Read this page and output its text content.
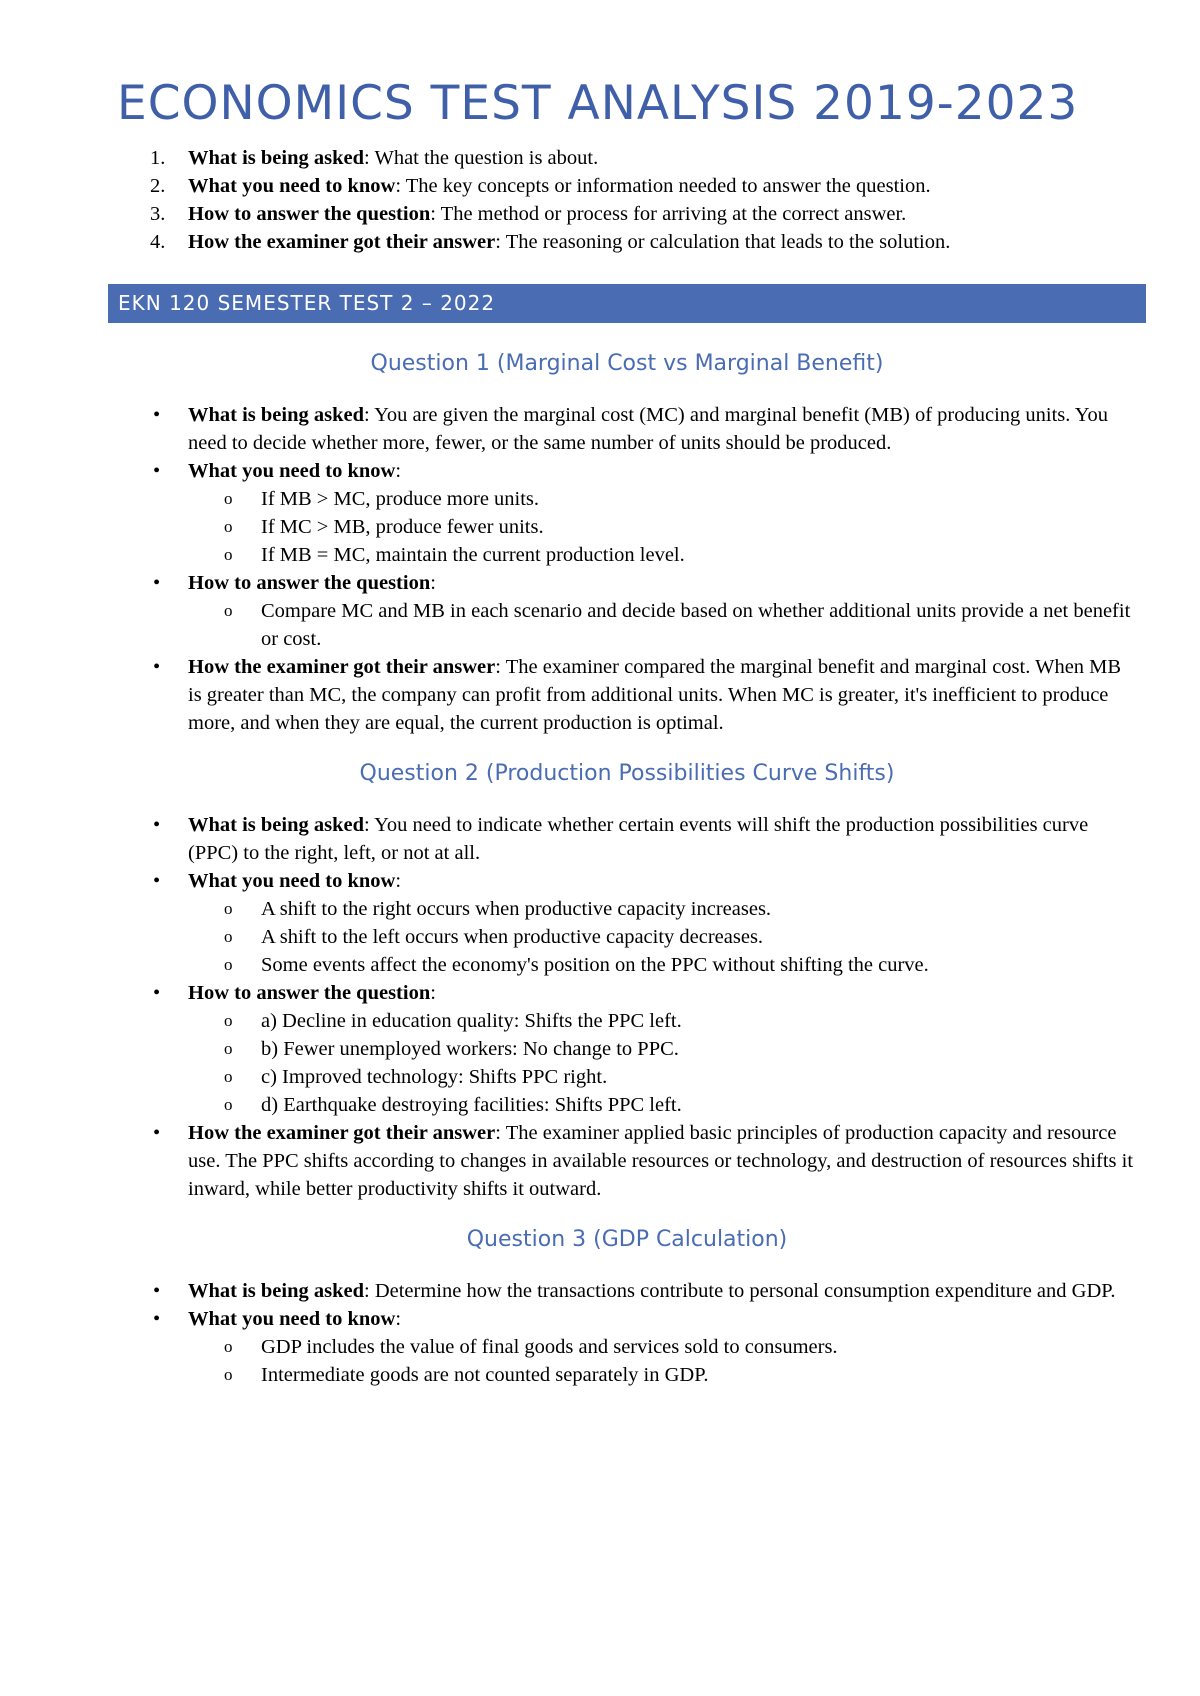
ECONOMICS TEST ANALYSIS 2019-2023
1. What is being asked: What the question is about.
2. What you need to know: The key concepts or information needed to answer the question.
3. How to answer the question: The method or process for arriving at the correct answer.
4. How the examiner got their answer: The reasoning or calculation that leads to the solution.
EKN 120 SEMESTER TEST 2 – 2022
Question 1 (Marginal Cost vs Marginal Benefit)
• What is being asked: You are given the marginal cost (MC) and marginal benefit (MB) of producing units. You need to decide whether more, fewer, or the same number of units should be produced.
• What you need to know:
o If MB > MC, produce more units.
o If MC > MB, produce fewer units.
o If MB = MC, maintain the current production level.
• How to answer the question:
o Compare MC and MB in each scenario and decide based on whether additional units provide a net benefit or cost.
• How the examiner got their answer: The examiner compared the marginal benefit and marginal cost. When MB is greater than MC, the company can profit from additional units. When MC is greater, it's inefficient to produce more, and when they are equal, the current production is optimal.
Question 2 (Production Possibilities Curve Shifts)
• What is being asked: You need to indicate whether certain events will shift the production possibilities curve (PPC) to the right, left, or not at all.
• What you need to know:
o A shift to the right occurs when productive capacity increases.
o A shift to the left occurs when productive capacity decreases.
o Some events affect the economy's position on the PPC without shifting the curve.
• How to answer the question:
o a) Decline in education quality: Shifts the PPC left.
o b) Fewer unemployed workers: No change to PPC.
o c) Improved technology: Shifts PPC right.
o d) Earthquake destroying facilities: Shifts PPC left.
• How the examiner got their answer: The examiner applied basic principles of production capacity and resource use. The PPC shifts according to changes in available resources or technology, and destruction of resources shifts it inward, while better productivity shifts it outward.
Question 3 (GDP Calculation)
• What is being asked: Determine how the transactions contribute to personal consumption expenditure and GDP.
• What you need to know:
o GDP includes the value of final goods and services sold to consumers.
o Intermediate goods are not counted separately in GDP.
